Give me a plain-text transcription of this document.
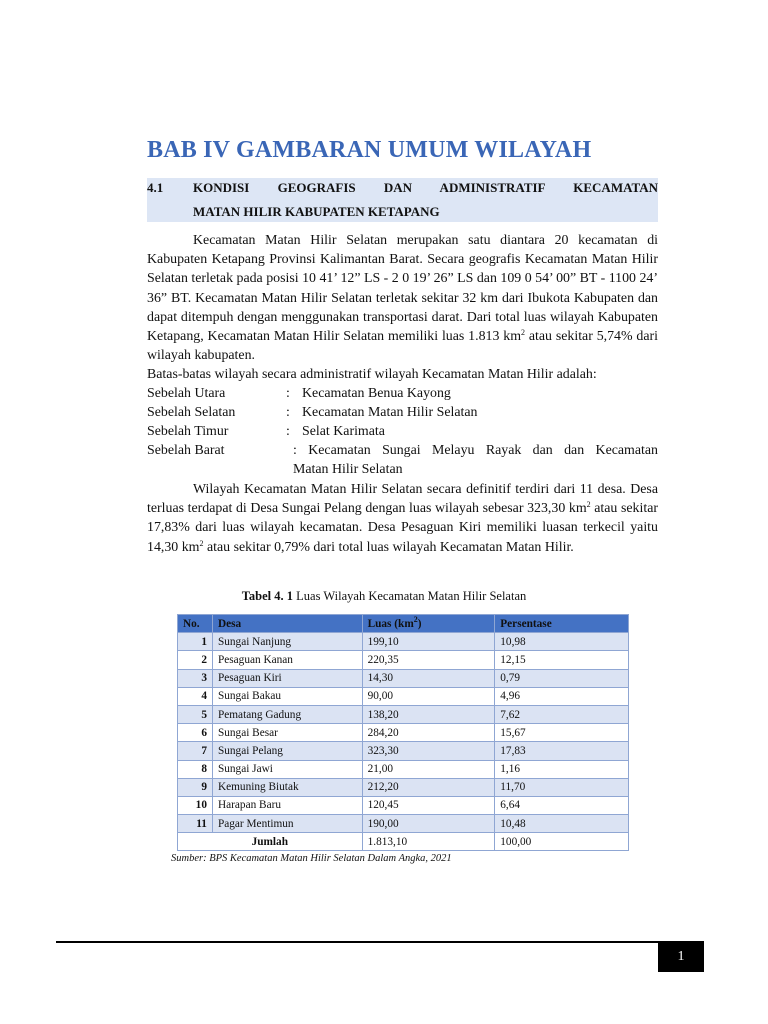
BAB IV GAMBARAN UMUM WILAYAH
4.1 KONDISI GEOGRAFIS DAN ADMINISTRATIF KECAMATAN
MATAN HILIR KABUPATEN KETAPANG

Kecamatan Matan Hilir Selatan merupakan satu diantara 20 kecamatan di Kabupaten Ketapang Provinsi Kalimantan Barat. Secara geografis Kecamatan Matan Hilir Selatan terletak pada posisi 10 41’ 12” LS - 2 0 19’ 26” LS dan 109 0 54’ 00” BT - 1100 24’ 36” BT. Kecamatan Matan Hilir Selatan terletak sekitar 32 km dari Ibukota Kabupaten dan dapat ditempuh dengan menggunakan transportasi darat. Dari total luas wilayah Kabupaten Ketapang, Kecamatan Matan Hilir Selatan memiliki luas 1.813 $km^2$ atau sekitar 5,74% dari wilayah kabupaten.

Batas-batas wilayah secara administratif wilayah Kecamatan Matan Hilir adalah:
Sebelah Utara	: Kecamatan Benua Kayong
Sebelah Selatan	: Kecamatan Matan Hilir Selatan
Sebelah Timur	: Selat Karimata
Sebelah Barat	: Kecamatan Sungai Melayu Rayak dan dan Kecamatan
Matan Hilir Selatan

Wilayah Kecamatan Matan Hilir Selatan secara definitif terdiri dari 11 desa. Desa terluas terdapat di Desa Sungai Pelang dengan luas wilayah sebesar 323,30 $km^2$ atau sekitar 17,83% dari luas wilayah kecamatan. Desa Pesaguan Kiri memiliki luasan terkecil yaitu 14,30 $km^2$ atau sekitar 0,79% dari total luas wilayah Kecamatan Matan Hilir.

Tabel 4. 1 Luas Wilayah Kecamatan Matan Hilir Selatan
No.	Desa	Luas $(km^2)$	Persentase
1	Sungai Nanjung	199,10	10,98
2	Pesaguan Kanan	220,35	12,15
3	Pesaguan Kiri	14,30	0,79
4	Sungai Bakau	90,00	4,96
5	Pematang Gadung	138,20	7,62
6	Sungai Besar	284,20	15,67
7	Sungai Pelang	323,30	17,83
8	Sungai Jawi	21,00	1,16
9	Kemuning Biutak	212,20	11,70
10	Harapan Baru	120,45	6,64
11	Pagar Mentimun	190,00	10,48
Jumlah		1.813,10	100,00
Sumber: BPS Kecamatan Matan Hilir Selatan Dalam Angka, 2021
1
